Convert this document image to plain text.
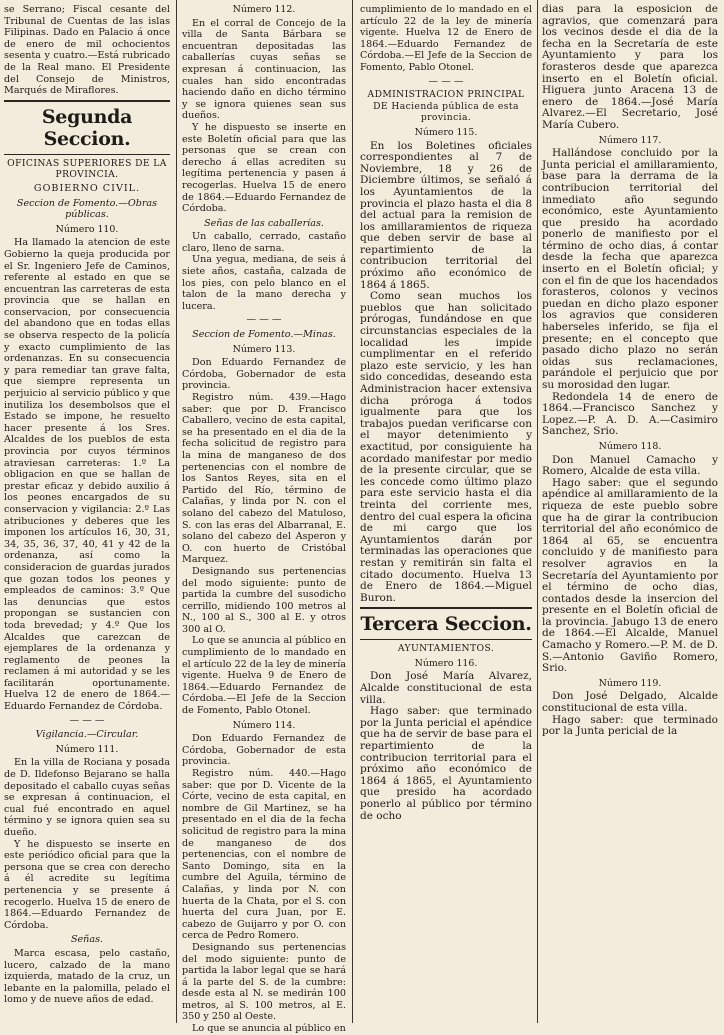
se Serrano; Fiscal cesante del Tribunal de Cuentas de las islas Filipinas. Dado en Palacio á once de enero de mil ochocientos sesenta y cuatro.—Está rubricado de la Real mano. El Presidente del Consejo de Ministros, Marqués de Miraflores.

Segunda Seccion.
OFICINAS SUPERIORES DE LA PROVINCIA.
GOBIERNO CIVIL.
Seccion de Fomento.—Obras públicas.
Número 110.

Ha llamado la atencion de este Gobierno la queja producida por el Sr. Ingeniero Jefe de Caminos, referente al estado en que se encuentran las carreteras de esta provincia que se hallan en conservacion, por consecuencia del abandono que en todas ellas se observa respecto de la policía y exacto cumplimiento de las ordenanzas. En su consecuencia y para remediar tan grave falta, que siempre representa un perjuicio al servicio público y que inutiliza los desembolsos que el Estado se impone, he resuelto hacer presente á los Sres. Alcaldes de los pueblos de esta provincia por cuyos términos atraviesan carreteras: 1.º La obligacion en que se hallan de prestar eficaz y debido auxilio á los peones encargados de su conservacion y vigilancia: 2.º Las atribuciones y deberes que les imponen los artículos 16, 30, 31, 34, 35, 36, 37, 40, 41 y 42 de la ordenanza, así como la consideracion de guardas jurados que gozan todos los peones y empleados de caminos: 3.º Que las denuncias que estos propongan se sustancien con toda brevedad; y 4.º Que los Alcaldes que carezcan de ejemplares de la ordenanza y reglamento de peones la reclamen á mi autoridad y se les facilitarán oportunamente. Huelva 12 de enero de 1864.—Eduardo Fernandez de Córdoba.

— — —
Vigilancia.—Circular.
Número 111.

En la villa de Rociana y posada de D. Ildefonso Bejarano se halla depositado el caballo cuyas señas se expresan á continuacion, el cual fué encontrado en aquel término y se ignora quien sea su dueño.

Y he dispuesto se inserte en este periódico oficial para que la persona que se crea con derecho á él acredite su legítima pertenencia y se presente á recogerlo. Huelva 15 de enero de 1864.—Eduardo Fernandez de Córdoba.

Señas.

Marca escasa, pelo castaño, lucero, calzado de la mano izquierda, matado de la cruz, un lebante en la palomilla, pelado el lomo y de nueve años de edad.

Número 112.

En el corral de Concejo de la villa de Santa Bárbara se encuentran depositadas las caballerías cuyas señas se expresan á continuacion, las cuales han sido encontradas haciendo daño en dicho término y se ignora quienes sean sus dueños.

Y he dispuesto se inserte en este Boletín oficial para que las personas que se crean con derecho á ellas acrediten su legítima pertenencia y pasen á recogerlas. Huelva 15 de enero de 1864.—Eduardo Fernandez de Córdoba.

Señas de las caballerías.

Un caballo, cerrado, castaño claro, lleno de sarna.

Una yegua, mediana, de seis á siete años, castaña, calzada de los pies, con pelo blanco en el talon de la mano derecha y lucera.

— — —
Seccion de Fomento.—Minas.
Número 113.

Don Eduardo Fernandez de Córdoba, Gobernador de esta provincia.

Registro núm. 439.—Hago saber: que por D. Francisco Caballero, vecino de esta capital, se ha presentado en el dia de la fecha solicitud de registro para la mina de manganeso de dos pertenencias con el nombre de los Santos Reyes, sita en el Partido del Río, término de Calañas, y linda por N. con el solano del cabezo del Matuloso, S. con las eras del Albarranal, E. solano del cabezo del Asperon y O. con huerto de Cristóbal Marquez.

Designando sus pertenencias del modo siguiente: punto de partida la cumbre del susodicho cerrillo, midiendo 100 metros al N., 100 al S., 300 al E. y otros 300 al O.

Lo que se anuncia al público en cumplimiento de lo mandado en el artículo 22 de la ley de minería vigente. Huelva 9 de Enero de 1864.—Eduardo Fernandez de Córdoba.—El Jefe de la Seccion de Fomento, Pablo Otonel.

Número 114.

Don Eduardo Fernandez de Córdoba, Gobernador de esta provincia.

Registro núm. 440.—Hago saber: que por D. Vicente de la Córte, vecino de esta capital, en nombre de Gil Martinez, se ha presentado en el dia de la fecha solicitud de registro para la mina de manganeso de dos pertenencias, con el nombre de Santo Domingo, sita en la cumbre del Aguila, término de Calañas, y linda por N. con huerta de la Chata, por el S. con huerta del cura Juan, por E. cabezo de Guijarro y por O. con cerca de Pedro Romero.

Designando sus pertenencias del modo siguiente: punto de partida la labor legal que se hará á la parte del S. de la cumbre: desde esta al N. se medirán 100 metros, al S. 100 metros, al E. 350 y 250 al Oeste.

Lo que se anuncia al público en

cumplimiento de lo mandado en el artículo 22 de la ley de minería vigente. Huelva 12 de Enero de 1864.—Eduardo Fernandez de Córdoba.—El Jefe de la Seccion de Fomento, Pablo Otonel.

— — —
ADMINISTRACION PRINCIPAL DE Hacienda pública de esta provincia.
Número 115.

En los Boletines oficiales correspondientes al 7 de Noviembre, 18 y 26 de Diciembre últimos, se señaló á los Ayuntamientos de la provincia el plazo hasta el dia 8 del actual para la remision de los amillaramientos de riqueza que deben servir de base al repartimiento de la contribucion territorial del próximo año económico de 1864 á 1865.

Como sean muchos los pueblos que han solicitado prórogas, fundándose en que circunstancias especiales de la localidad les impide cumplimentar en el referido plazo este servicio, y les han sido concedidas, deseando esta Administracion hacer extensiva dicha próroga á todos igualmente para que los trabajos puedan verificarse con el mayor detenimiento y exactitud, por consiguiente ha acordado manifestar por medio de la presente circular, que se les concede como último plazo para este servicio hasta el dia treinta del corriente mes, dentro del cual espera la oficina de mi cargo que los Ayuntamientos darán por terminadas las operaciones que restan y remitirán sin falta el citado documento. Huelva 13 de Enero de 1864.—Miguel Buron.

Tercera Seccion.
AYUNTAMIENTOS.
Número 116.

Don José María Alvarez, Alcalde constitucional de esta villa.

Hago saber: que terminado por la Junta pericial el apéndice que ha de servir de base para el repartimiento de la contribucion territorial para el próximo año económico de 1864 á 1865, el Ayuntamiento que presido ha acordado ponerlo al público por término de ocho

dias para la esposicion de agravios, que comenzará para los vecinos desde el dia de la fecha en la Secretaría de este Ayuntamiento y para los forasteros desde que aparezca inserto en el Boletín oficial. Higuera junto Aracena 13 de enero de 1864.—José María Alvarez.—El Secretario, José María Cubero.

Número 117.

Hallándose concluido por la Junta pericial el amillaramiento, base para la derrama de la contribucion territorial del inmediato año segundo económico, este Ayuntamiento que presido ha acordado ponerlo de manifiesto por el término de ocho dias, á contar desde la fecha que aparezca inserto en el Boletín oficial; y con el fin de que los hacendados forasteros, colonos y vecinos puedan en dicho plazo esponer los agravios que consideren haberseles inferido, se fija el presente; en el concepto que pasado dicho plazo no serán oidas sus reclamaciones, parándole el perjuicio que por su morosidad den lugar.

Redondela 14 de enero de 1864.—Francisco Sanchez y Lopez.—P. A. D. A.—Casimiro Sanchez, Srio.

Número 118.

Don Manuel Camacho y Romero, Alcalde de esta villa.

Hago saber: que el segundo apéndice al amillaramiento de la riqueza de este pueblo sobre que ha de girar la contribucion territorial del año económico de 1864 al 65, se encuentra concluido y de manifiesto para resolver agravios en la Secretaría del Ayuntamiento por el término de ocho dias, contados desde la insercion del presente en el Boletín oficial de la provincia. Jabugo 13 de enero de 1864.—El Alcalde, Manuel Camacho y Romero.—P. M. de D. S.—Antonio Gaviño Romero, Srio.

Número 119.

Don José Delgado, Alcalde constitucional de esta villa.

Hago saber: que terminado por la Junta pericial de la
